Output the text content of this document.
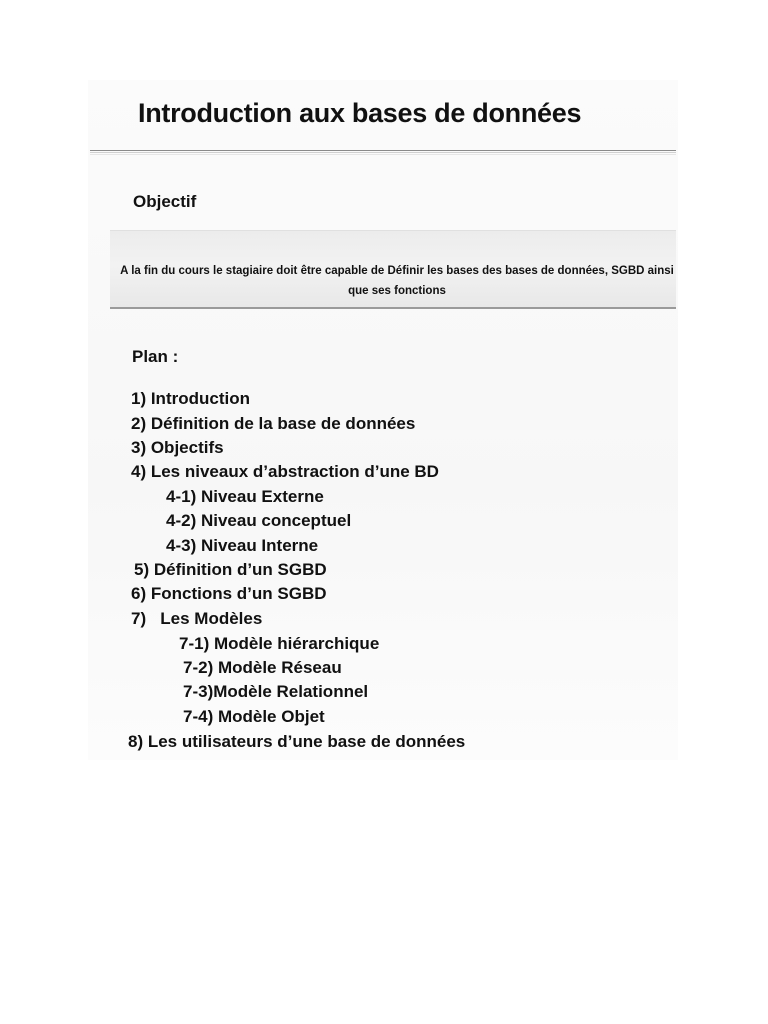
Introduction aux bases de données
Objectif
A la fin du cours le stagiaire doit être capable de Définir les bases des bases de données, SGBD ainsi
que ses fonctions
Plan :
1) Introduction
2) Définition de la base de données
3) Objectifs
4) Les niveaux d’abstraction d’une BD
4-1) Niveau Externe
4-2) Niveau conceptuel
4-3) Niveau Interne
5) Définition d’un SGBD
6) Fonctions d’un SGBD
7)   Les Modèles
7-1) Modèle hiérarchique
7-2) Modèle Réseau
7-3)Modèle Relationnel
7-4) Modèle Objet
8) Les utilisateurs d’une base de données
